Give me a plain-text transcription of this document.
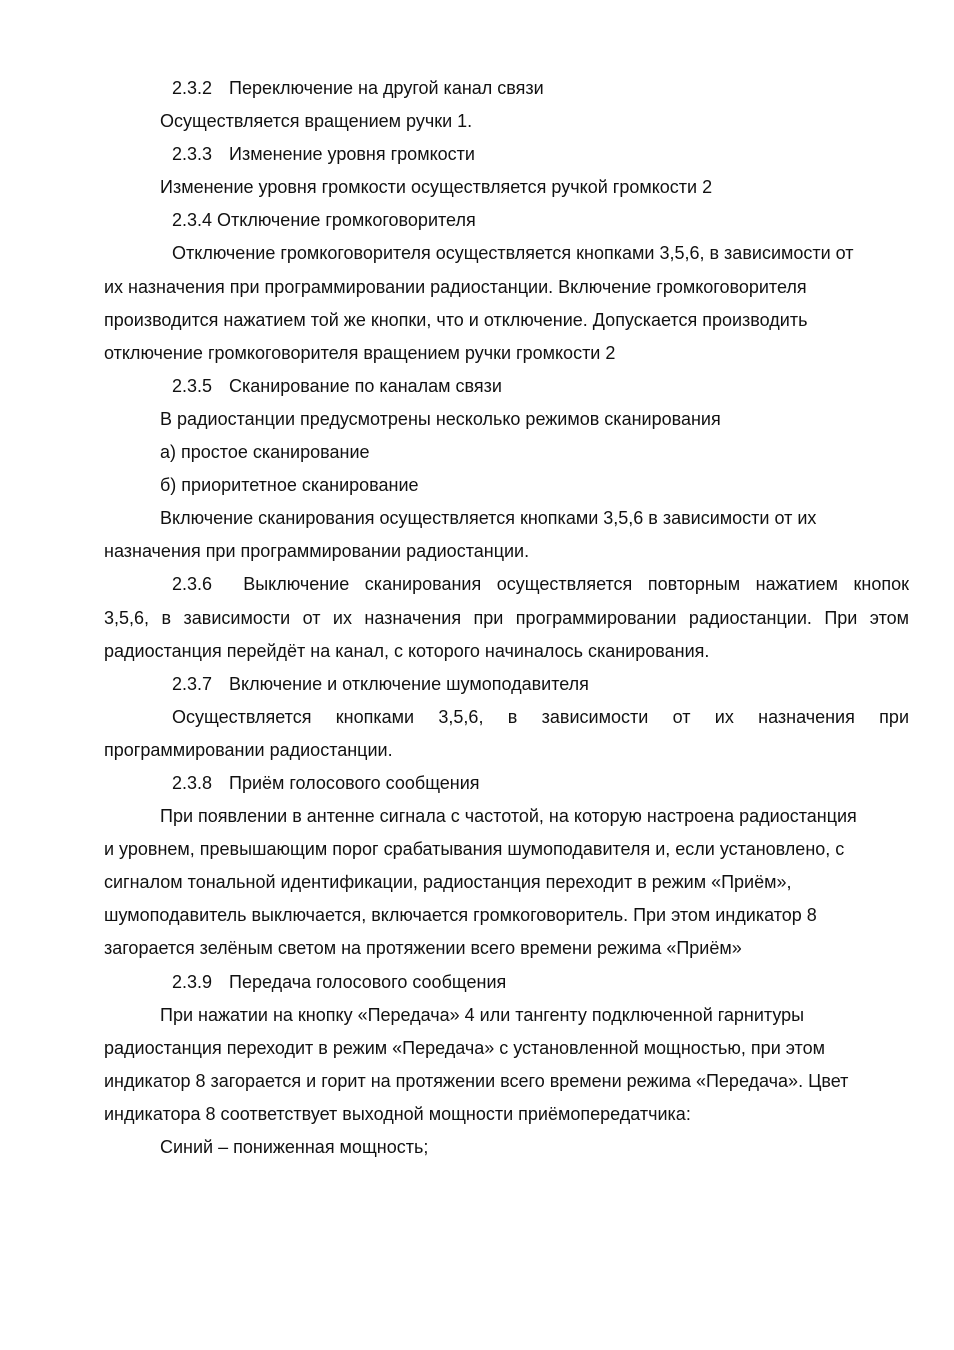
2.3.2 Переключение на другой канал связи
Осуществляется вращением ручки 1.
2.3.3 Изменение уровня громкости
Изменение уровня громкости осуществляется ручкой громкости 2
2.3.4 Отключение громкоговорителя
Отключение громкоговорителя осуществляется кнопками 3,5,6, в зависимости от
их назначения при программировании радиостанции. Включение громкоговорителя
производится нажатием той же кнопки, что и отключение. Допускается производить
отключение громкоговорителя вращением ручки громкости 2
2.3.5 Сканирование по каналам связи
В радиостанции предусмотрены несколько режимов сканирования
а) простое сканирование
б) приоритетное сканирование
Включение сканирования осуществляется кнопками 3,5,6 в зависимости от их
назначения при программировании радиостанции.
2.3.6 Выключение сканирования осуществляется повторным нажатием кнопок
3,5,6, в зависимости от их назначения при программировании радиостанции. При этом
радиостанция перейдёт на канал, с которого начиналось сканирования.
2.3.7 Включение и отключение шумоподавителя
Осуществляется кнопками 3,5,6, в зависимости от их назначения при
программировании радиостанции.
2.3.8 Приём голосового сообщения
При появлении в антенне сигнала с частотой, на которую настроена радиостанция
и уровнем, превышающим порог срабатывания шумоподавителя и, если установлено, с
сигналом тональной идентификации, радиостанция переходит в режим «Приём»,
шумоподавитель выключается, включается громкоговоритель. При этом индикатор 8
загорается зелёным светом на протяжении всего времени режима «Приём»
2.3.9 Передача голосового сообщения
При нажатии на кнопку «Передача» 4 или тангенту подключенной гарнитуры
радиостанция переходит в режим «Передача» с установленной мощностью, при этом
индикатор 8 загорается и горит на протяжении всего времени режима «Передача». Цвет
индикатора 8 соответствует выходной мощности приёмопередатчика:
Синий – пониженная мощность;
